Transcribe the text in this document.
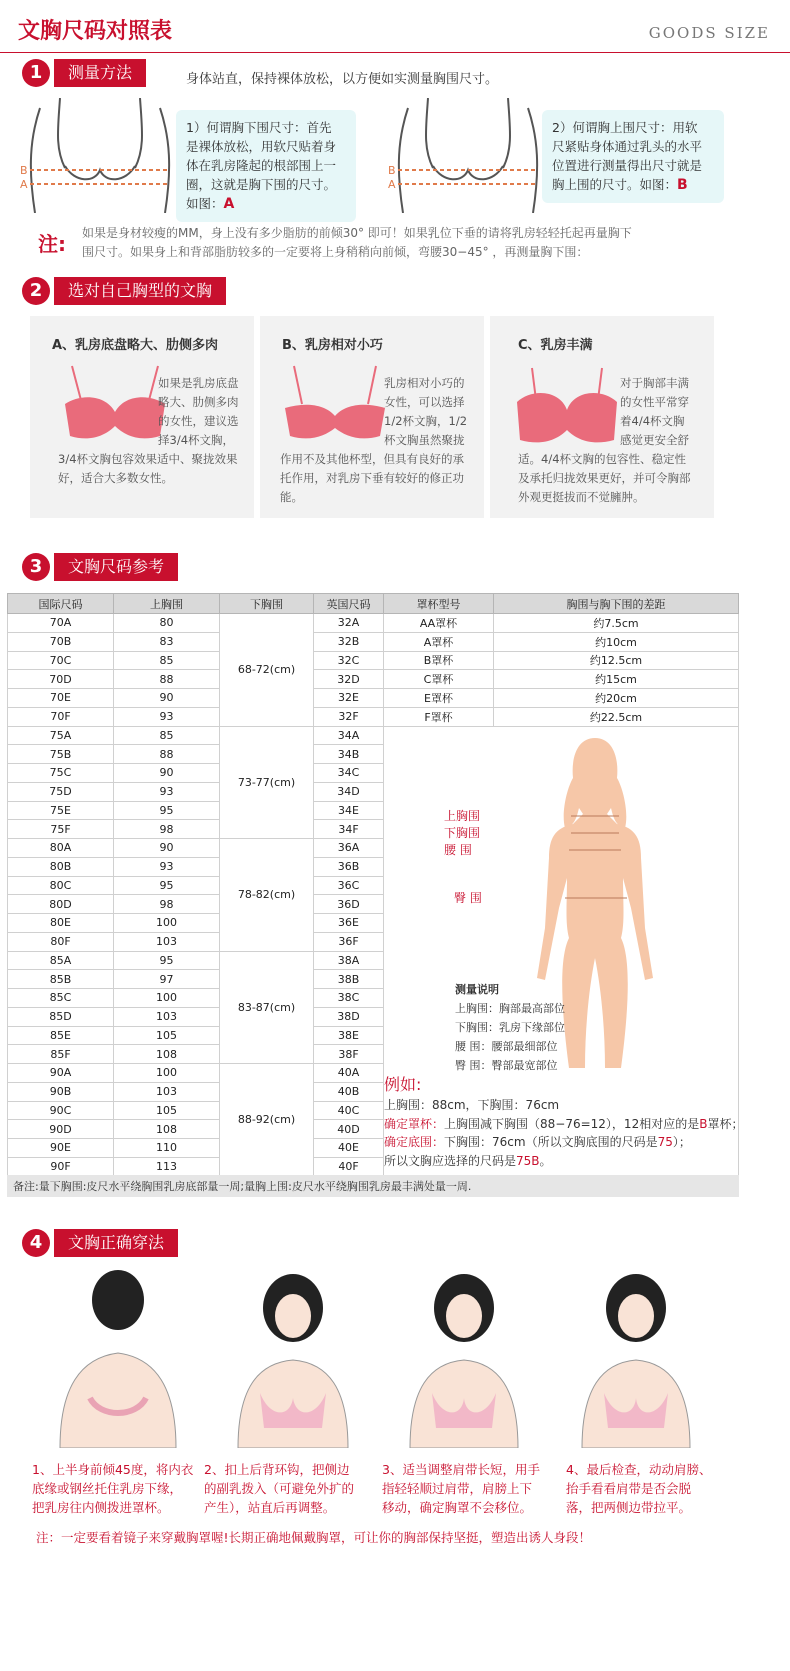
文胸尺码对照表	GOODS SIZE
1	测量方法	身体站直，保持裸体放松，以方便如实测量胸围尺寸。
B
A
1）何谓胸下围尺寸：首先
是裸体放松，用软尺贴着身
体在乳房隆起的根部围上一
圈，这就是胸下围的尺寸。
如图：A
B
A
2）何谓胸上围尺寸：用软
尺紧贴身体通过乳头的水平
位置进行测量得出尺寸就是
胸上围的尺寸。如图：B
注: 如果是身材较瘦的MM，身上没有多少脂肪的前倾30° 即可！如果乳位下垂的请将乳房轻轻托起再量胸下
围尺寸。如果身上和背部脂肪较多的一定要将上身稍稍向前倾，弯腰30−45° ，再测量胸下围：
2	选对自己胸型的文胸
A、乳房底盘略大、肋侧多肉
如果是乳房底盘
略大、肋侧多肉
的女性，建议选
择3/4杯文胸，
3/4杯文胸包容效果适中、聚拢效果
好，适合大多数女性。
B、乳房相对小巧
乳房相对小巧的
女性，可以选择
1/2杯文胸，1/2
杯文胸虽然聚拢
作用不及其他杯型，但具有良好的承
托作用，对乳房下垂有较好的修正功
能。
C、乳房丰满
对于胸部丰满
的女性平常穿
着4/4杯文胸
感觉更安全舒
适。4/4杯文胸的包容性、稳定性
及承托归拢效果更好，并可令胸部
外观更挺拔而不觉臃肿。
3	文胸尺码参考
国际尺码	上胸围	下胸围	英国尺码	罩杯型号	胸围与胸下围的差距
70A	80	68-72(cm)	32A	AA罩杯	约7.5cm
70B	83		32B	A罩杯	约10cm
70C	85		32C	B罩杯	约12.5cm
70D	88		32D	C罩杯	约15cm
70E	90		32E	E罩杯	约20cm
70F	93		32F	F罩杯	约22.5cm
75A	85	73-77(cm)	34A		
75B	88		34B		
75C	90		34C		
75D	93		34D		
75E	95		34E		
75F	98		34F		
80A	90	78-82(cm)	36A		
80B	93		36B		
80C	95		36C		
80D	98		36D		
80E	100		36E		
80F	103		36F		
85A	95	83-87(cm)	38A		
85B	97		38B		
85C	100		38C		
85D	103		38D		
85E	105		38E		
85F	108		38F		
90A	100	88-92(cm)	40A		
90B	103		40B		
90C	105		40C		
90D	108		40D		
90E	110		40E		
90F	113		40F		
上胸围
下胸围
腰 围
臀 围
测量说明
上胸围：胸部最高部位
下胸围：乳房下缘部位
腰 围：腰部最细部位
臀 围：臀部最宽部位
例如:
上胸围：88cm，下胸围：76cm
确定罩杯：上胸围减下胸围（88−76=12），12相对应的是B罩杯；
确定底围：下胸围：76cm（所以文胸底围的尺码是75）；
所以文胸应选择的尺码是75B。
备注:量下胸围:皮尺水平绕胸围乳房底部量一周;量胸上围:皮尺水平绕胸围乳房最丰满处量一周.
4	文胸正确穿法
1、上半身前倾45度，将内衣
底缘或钢丝托住乳房下缘，
把乳房往内侧拨进罩杯。
2、扣上后背环钩，把侧边
的副乳拨入（可避免外扩的
产生），站直后再调整。
3、适当调整肩带长短，用手
指轻轻顺过肩带，肩膀上下
移动，确定胸罩不会移位。
4、最后检查，动动肩膀、
抬手看看肩带是否会脱
落，把两侧边带拉平。
注：一定要看着镜子来穿戴胸罩喔!长期正确地佩戴胸罩，可让你的胸部保持坚挺，塑造出诱人身段！
